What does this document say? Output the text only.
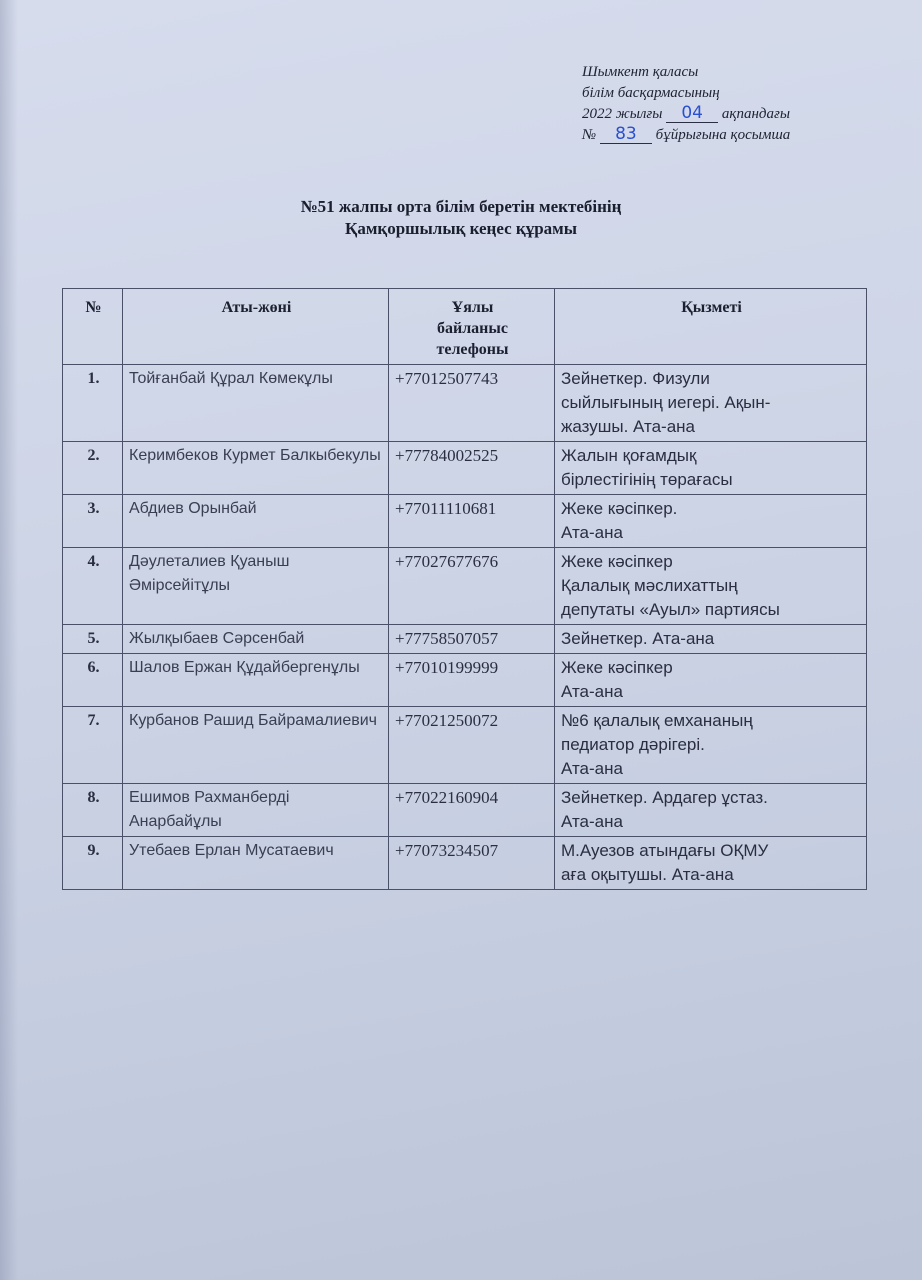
Шымкент қаласы
білім басқармасының
2022 жылғы 04 ақпандағы
№ 83 бұйрығына қосымша
№51 жалпы орта білім беретін мектебінің
Қамқоршылық кеңес құрамы
№	Аты-жөні	Ұялы
байланыс
телефоны	Қызметі
1.	Тойғанбай Құрал Көмекұлы	+77012507743	Зейнеткер. Физули
сыйлығының иегері. Ақын-
жазушы. Ата-ана

2.	Керимбеков Курмет Балкыбекулы	+77784002525	Жалын қоғамдық
бірлестігінің төрағасы

3.	Абдиев Орынбай	+77011110681	Жеке кәсіпкер.
Ата-ана

4.	Дәулеталиев Қуаныш Әмірсейітұлы	+77027677676	Жеке кәсіпкер
Қалалық мәслихаттың
депутаты «Ауыл» партиясы

5.	Жылқыбаев Сәрсенбай	+77758507057	Зейнеткер. Ата-ана

6.	Шалов Ержан Құдайбергенұлы	+77010199999	Жеке кәсіпкер
Ата-ана

7.	Курбанов Рашид Байрамалиевич	+77021250072	№6 қалалық емхананың
педиатор дәрігері.
Ата-ана

8.	Ешимов Рахманберді Анарбайұлы	+77022160904	Зейнеткер. Ардагер ұстаз.
Ата-ана

9.	Утебаев Ерлан Мусатаевич	+77073234507	М.Ауезов атындағы ОҚМУ
аға оқытушы. Ата-ана
